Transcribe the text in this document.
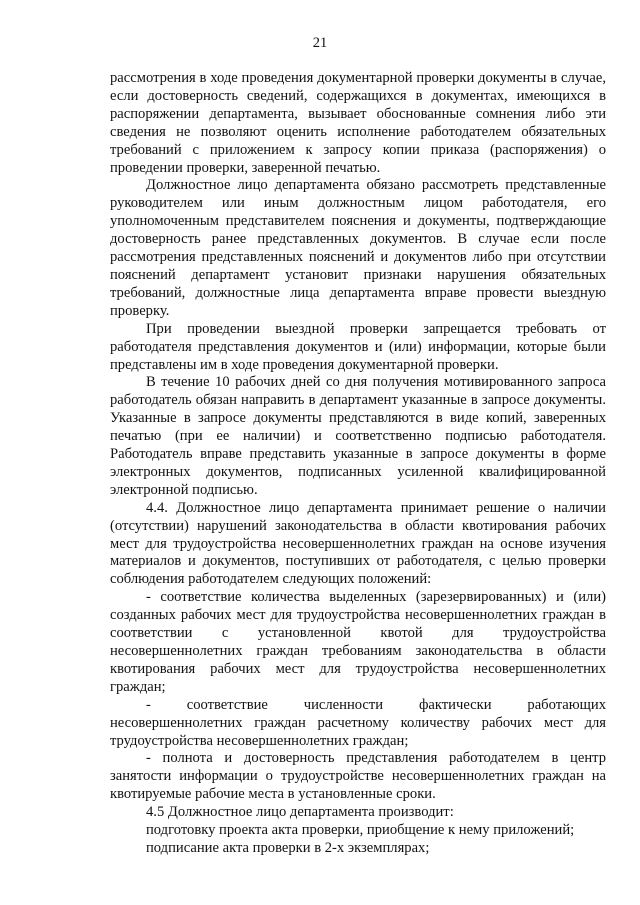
21

рассмотрения в ходе проведения документарной проверки документы в случае, если достоверность сведений, содержащихся в документах, имеющихся в распоряжении департамента, вызывает обоснованные сомнения либо эти сведения не позволяют оценить исполнение работодателем обязательных требований с приложением к запросу копии приказа (распоряжения) о проведении проверки, заверенной печатью.

Должностное лицо департамента обязано рассмотреть представленные руководителем или иным должностным лицом работодателя, его уполномоченным представителем пояснения и документы, подтверждающие достоверность ранее представленных документов. В случае если после рассмотрения представленных пояснений и документов либо при отсутствии пояснений департамент установит признаки нарушения обязательных требований, должностные лица департамента вправе провести выездную проверку.

При проведении выездной проверки запрещается требовать от работодателя представления документов и (или) информации, которые были представлены им в ходе проведения документарной проверки.

В течение 10 рабочих дней со дня получения мотивированного запроса работодатель обязан направить в департамент указанные в запросе документы. Указанные в запросе документы представляются в виде копий, заверенных печатью (при ее наличии) и соответственно подписью работодателя. Работодатель вправе представить указанные в запросе документы в форме электронных документов, подписанных усиленной квалифицированной электронной подписью.

4.4. Должностное лицо департамента принимает решение о наличии (отсутствии) нарушений законодательства в области квотирования рабочих мест для трудоустройства несовершеннолетних граждан на основе изучения материалов и документов, поступивших от работодателя, с целью проверки соблюдения работодателем следующих положений:

- соответствие количества выделенных (зарезервированных) и (или) созданных рабочих мест для трудоустройства несовершеннолетних граждан в соответствии с установленной квотой для трудоустройства несовершеннолетних граждан требованиям законодательства в области квотирования рабочих мест для трудоустройства несовершеннолетних граждан;

- соответствие численности фактически работающих несовершеннолетних граждан расчетному количеству рабочих мест для трудоустройства несовершеннолетних граждан;

- полнота и достоверность представления работодателем в центр занятости информации о трудоустройстве несовершеннолетних граждан на квотируемые рабочие места в установленные сроки.

4.5 Должностное лицо департамента производит:

подготовку проекта акта проверки, приобщение к нему приложений;

подписание акта проверки в 2-х экземплярах;
